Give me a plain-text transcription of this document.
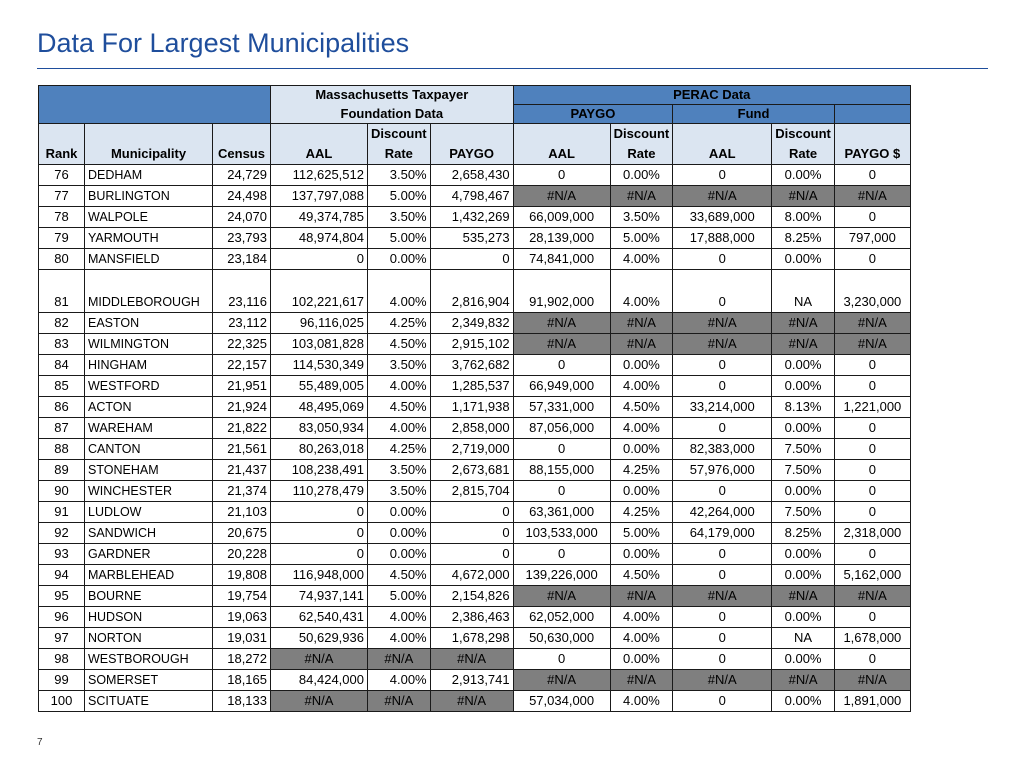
Data For Largest Municipalities
			Massachusetts Taxpayer			PERAC Data				
			Foundation Data			PAYGO		Fund		
				Discount			Discount		Discount	
Rank	Municipality	Census	AAL	Rate	PAYGO	AAL	Rate	AAL	Rate	PAYGO $
76	DEDHAM	24,729	112,625,512	3.50%	2,658,430	0	0.00%	0	0.00%	0
77	BURLINGTON	24,498	137,797,088	5.00%	4,798,467	#N/A	#N/A	#N/A	#N/A	#N/A
78	WALPOLE	24,070	49,374,785	3.50%	1,432,269	66,009,000	3.50%	33,689,000	8.00%	0
79	YARMOUTH	23,793	48,974,804	5.00%	535,273	28,139,000	5.00%	17,888,000	8.25%	797,000
80	MANSFIELD	23,184	0	0.00%	0	74,841,000	4.00%	0	0.00%	0
81	MIDDLEBOROUGH	23,116	102,221,617	4.00%	2,816,904	91,902,000	4.00%	0	NA	3,230,000
82	EASTON	23,112	96,116,025	4.25%	2,349,832	#N/A	#N/A	#N/A	#N/A	#N/A
83	WILMINGTON	22,325	103,081,828	4.50%	2,915,102	#N/A	#N/A	#N/A	#N/A	#N/A
84	HINGHAM	22,157	114,530,349	3.50%	3,762,682	0	0.00%	0	0.00%	0
85	WESTFORD	21,951	55,489,005	4.00%	1,285,537	66,949,000	4.00%	0	0.00%	0
86	ACTON	21,924	48,495,069	4.50%	1,171,938	57,331,000	4.50%	33,214,000	8.13%	1,221,000
87	WAREHAM	21,822	83,050,934	4.00%	2,858,000	87,056,000	4.00%	0	0.00%	0
88	CANTON	21,561	80,263,018	4.25%	2,719,000	0	0.00%	82,383,000	7.50%	0
89	STONEHAM	21,437	108,238,491	3.50%	2,673,681	88,155,000	4.25%	57,976,000	7.50%	0
90	WINCHESTER	21,374	110,278,479	3.50%	2,815,704	0	0.00%	0	0.00%	0
91	LUDLOW	21,103	0	0.00%	0	63,361,000	4.25%	42,264,000	7.50%	0
92	SANDWICH	20,675	0	0.00%	0	103,533,000	5.00%	64,179,000	8.25%	2,318,000
93	GARDNER	20,228	0	0.00%	0	0	0.00%	0	0.00%	0
94	MARBLEHEAD	19,808	116,948,000	4.50%	4,672,000	139,226,000	4.50%	0	0.00%	5,162,000
95	BOURNE	19,754	74,937,141	5.00%	2,154,826	#N/A	#N/A	#N/A	#N/A	#N/A
96	HUDSON	19,063	62,540,431	4.00%	2,386,463	62,052,000	4.00%	0	0.00%	0
97	NORTON	19,031	50,629,936	4.00%	1,678,298	50,630,000	4.00%	0	NA	1,678,000
98	WESTBOROUGH	18,272	#N/A	#N/A	#N/A	0	0.00%	0	0.00%	0
99	SOMERSET	18,165	84,424,000	4.00%	2,913,741	#N/A	#N/A	#N/A	#N/A	#N/A
100	SCITUATE	18,133	#N/A	#N/A	#N/A	57,034,000	4.00%	0	0.00%	1,891,000
7
